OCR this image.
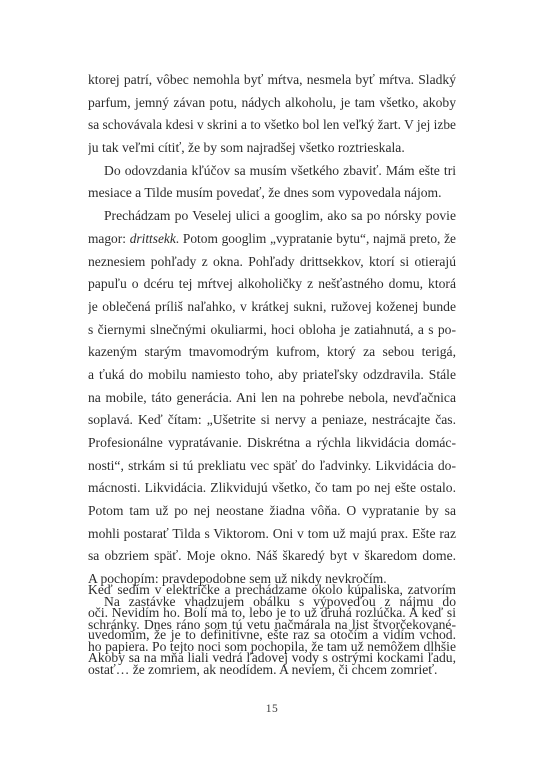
ktorej patrí, vôbec nemohla byť mŕtva, nesmela byť mŕtva. Sladký
parfum, jemný závan potu, nádych alkoholu, je tam všetko, akoby
sa schovávala kdesi v skrini a to všetko bol len veľký žart. V jej izbe
ju tak veľmi cítiť, že by som najradšej všetko roztrieskala.
Do odovzdania kľúčov sa musím všetkého zbaviť. Mám ešte tri
mesiace a Tilde musím povedať, že dnes som vypovedala nájom.
Prechádzam po Veselej ulici a googlim, ako sa po nórsky povie
magor: drittsekk. Potom googlim „vypratanie bytu“, najmä preto, že
neznesiem pohľady z okna. Pohľady drittsekkov, ktorí si otierajú
papuľu o dcéru tej mŕtvej alkoholičky z nešťastného domu, ktorá
je oblečená príliš naľahko, v krátkej sukni, ružovej koženej bunde
s čiernymi slnečnými okuliarmi, hoci obloha je zatiahnutá, a s po-
kazeným starým tmavomodrým kufrom, ktorý za sebou terigá,
a ťuká do mobilu namiesto toho, aby priateľsky odzdravila. Stále
na mobile, táto generácia. Ani len na pohrebe nebola, nevďačnica
soplavá. Keď čítam: „Ušetrite si nervy a peniaze, nestrácajte čas.
Profesionálne vypratávanie. Diskrétna a rýchla likvidácia domác-
nosti“, strkám si tú prekliatu vec späť do ľadvinky. Likvidácia do-
mácnosti. Likvidácia. Zlikvidujú všetko, čo tam po nej ešte ostalo.
Potom tam už po nej neostane žiadna vôňa. O vypratanie by sa
mohli postarať Tilda s Viktorom. Oni v tom už majú prax. Ešte raz
sa obzriem späť. Moje okno. Náš škaredý byt v škaredom dome.
A pochopím: pravdepodobne sem už nikdy nevkročím.
Na zastávke vhadzujem obálku s výpoveďou z nájmu do
schránky. Dnes ráno som tú vetu načmárala na list štvorčekované-
ho papiera. Po tejto noci som pochopila, že tam už nemôžem dlhšie
ostať… že zomriem, ak neodídem. A neviem, či chcem zomrieť.
Keď sedím v električke a prechádzame okolo kúpaliska, zatvorím
oči. Nevidím ho. Bolí ma to, lebo je to už druhá rozlúčka. A keď si
uvedomím, že je to definitívne, ešte raz sa otočím a vidím vchod.
Akoby sa na mňa liali vedrá ľadovej vody s ostrými kockami ľadu,
15
